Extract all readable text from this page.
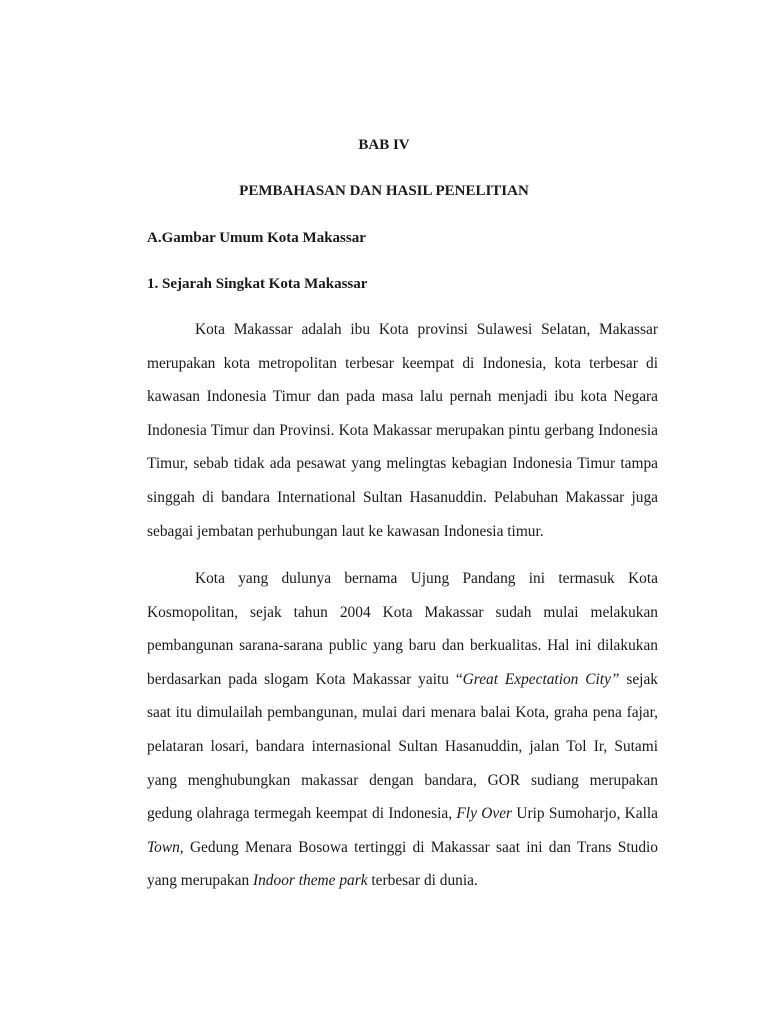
BAB IV
PEMBAHASAN DAN HASIL PENELITIAN
A.Gambar Umum Kota Makassar
1. Sejarah Singkat Kota Makassar

Kota Makassar adalah ibu Kota provinsi Sulawesi Selatan, Makassar merupakan kota metropolitan terbesar keempat di Indonesia, kota terbesar di kawasan Indonesia Timur dan pada masa lalu pernah menjadi ibu kota Negara Indonesia Timur dan Provinsi. Kota Makassar merupakan pintu gerbang Indonesia Timur, sebab tidak ada pesawat yang melingtas kebagian Indonesia Timur tampa singgah di bandara International Sultan Hasanuddin. Pelabuhan Makassar juga sebagai jembatan perhubungan laut ke kawasan Indonesia timur.

Kota yang dulunya bernama Ujung Pandang ini termasuk Kota Kosmopolitan, sejak tahun 2004 Kota Makassar sudah mulai melakukan pembangunan sarana-sarana public yang baru dan berkualitas. Hal ini dilakukan berdasarkan pada slogam Kota Makassar yaitu “Great Expectation City” sejak saat itu dimulailah pembangunan, mulai dari menara balai Kota, graha pena fajar, pelataran losari, bandara internasional Sultan Hasanuddin, jalan Tol Ir, Sutami yang menghubungkan makassar dengan bandara, GOR sudiang merupakan gedung olahraga termegah keempat di Indonesia, Fly Over Urip Sumoharjo, Kalla Town, Gedung Menara Bosowa tertinggi di Makassar saat ini dan Trans Studio yang merupakan Indoor theme park terbesar di dunia.
